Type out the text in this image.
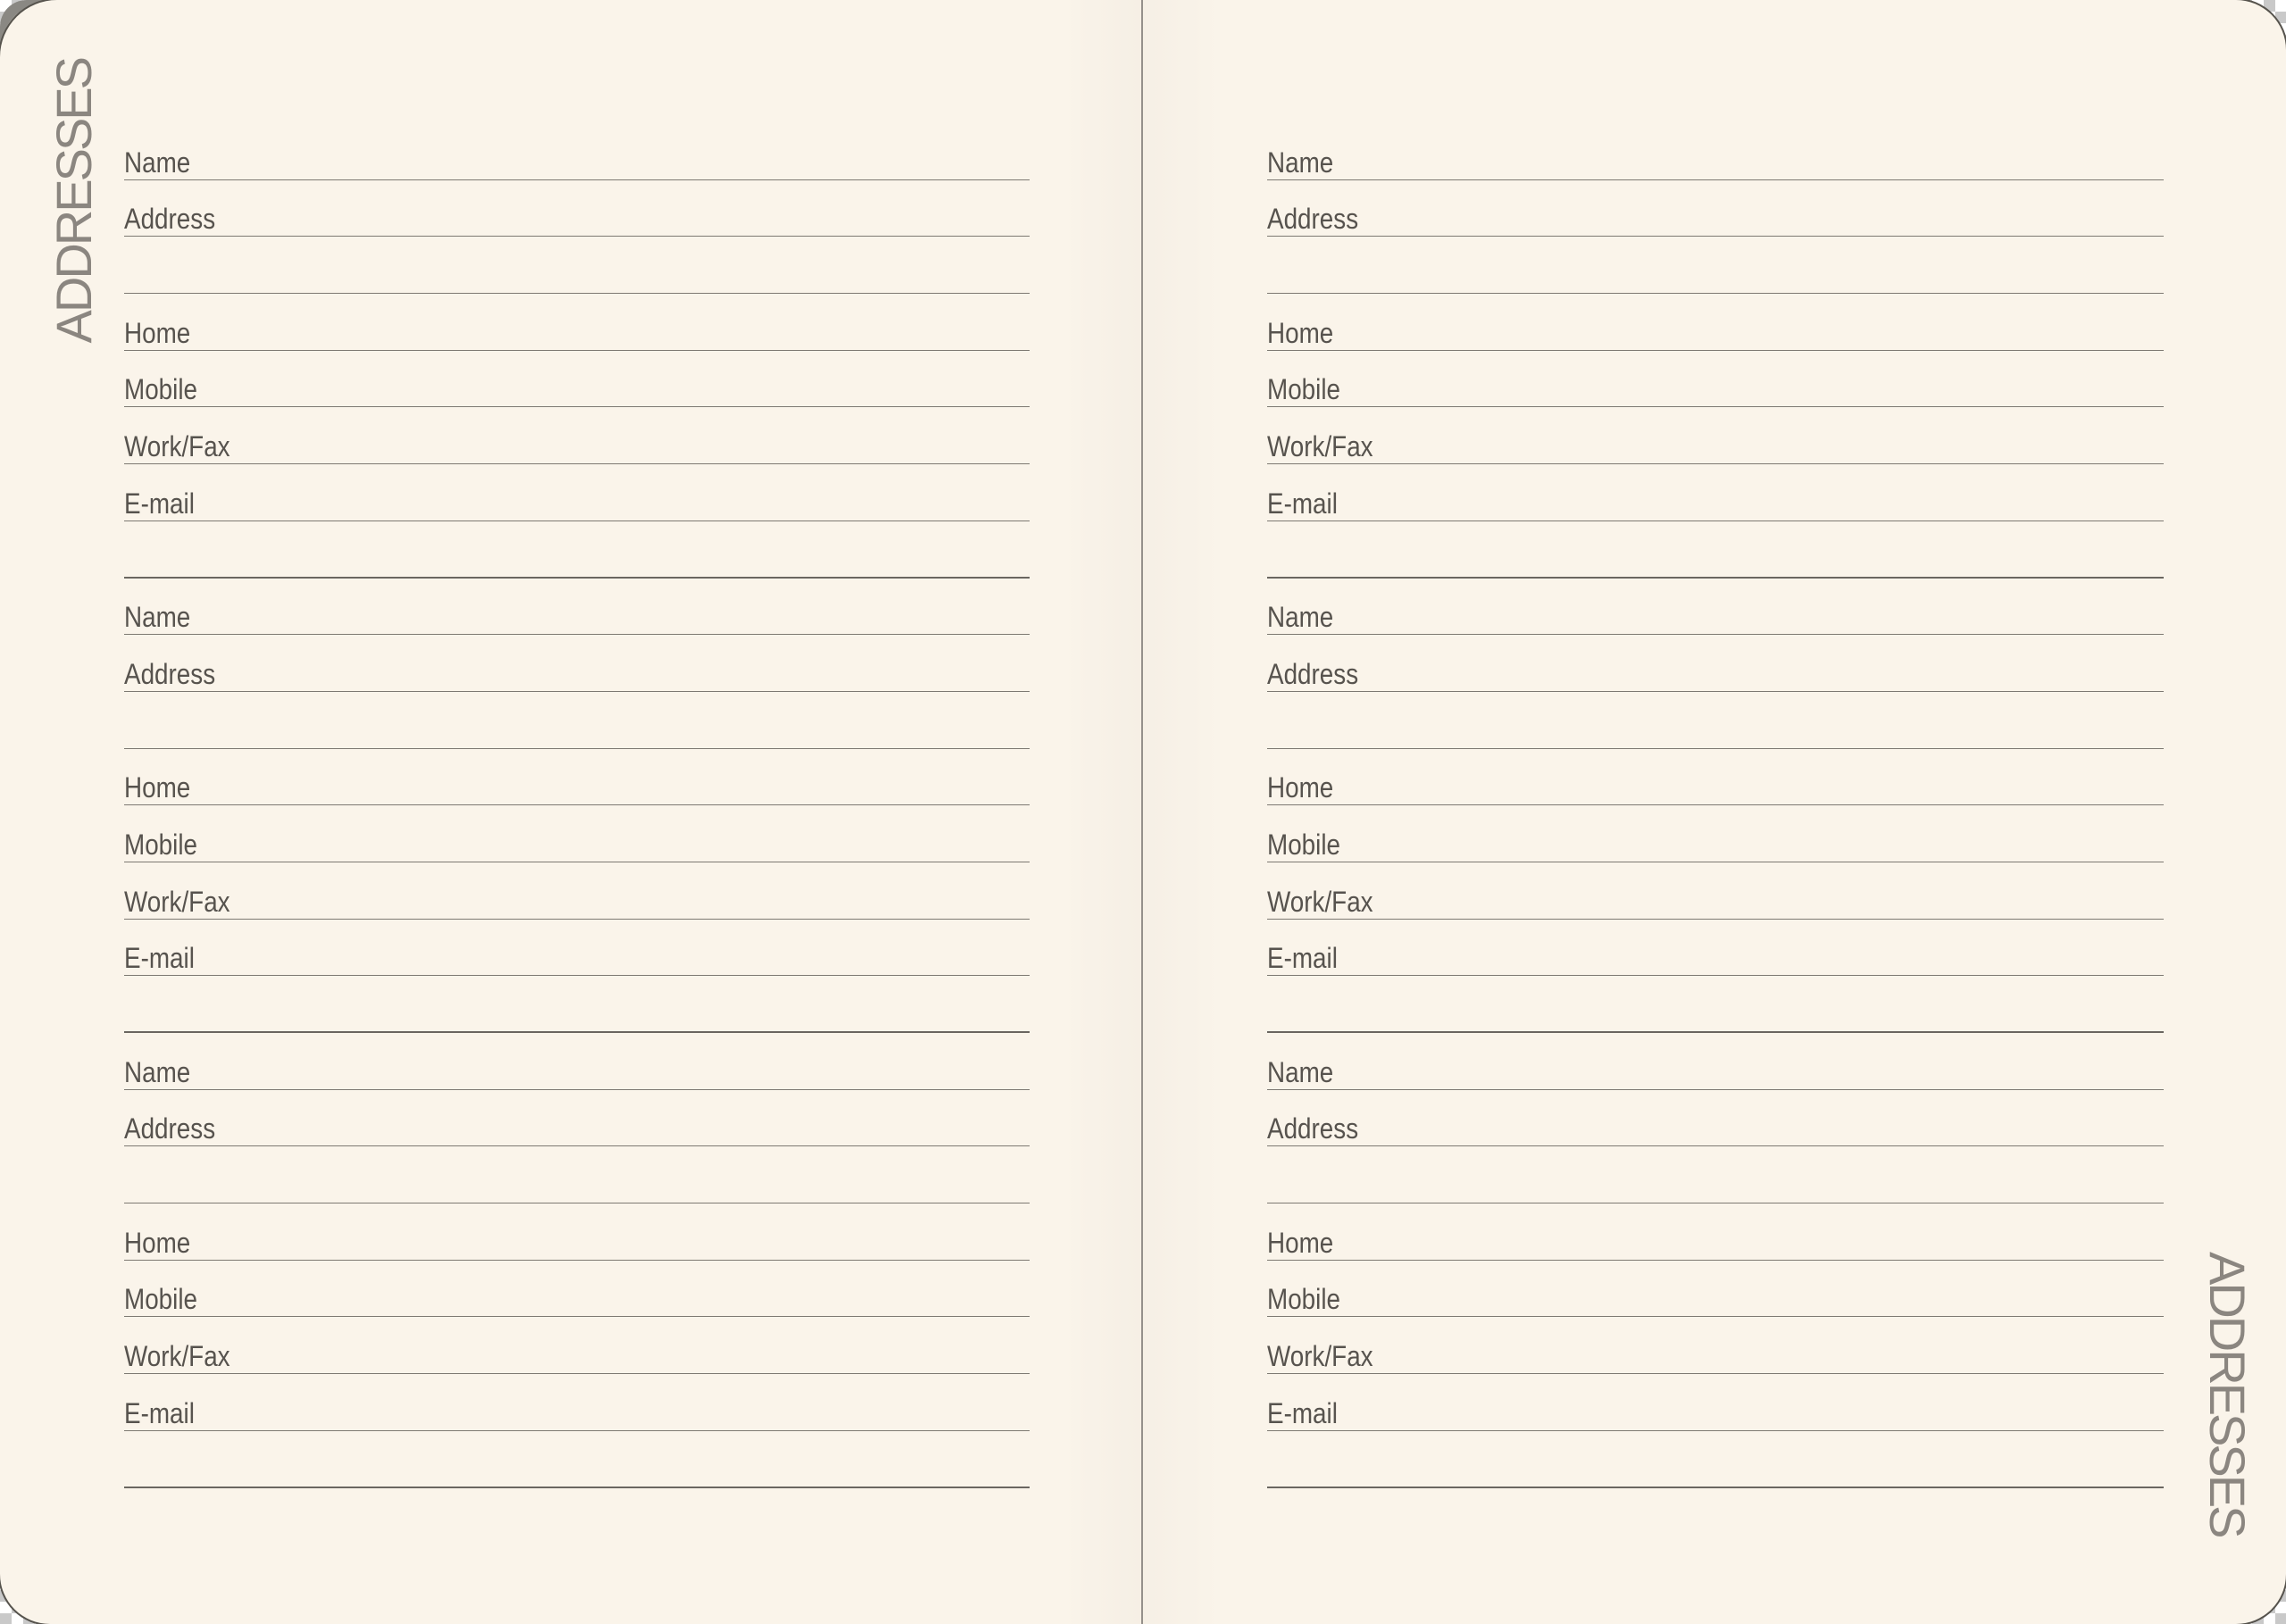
ADDRESSES
ADDRESSES
Name
Address
Home
Mobile
Work/Fax
E-mail
Name
Address
Home
Mobile
Work/Fax
E-mail
Name
Address
Home
Mobile
Work/Fax
E-mail
Name
Address
Home
Mobile
Work/Fax
E-mail
Name
Address
Home
Mobile
Work/Fax
E-mail
Name
Address
Home
Mobile
Work/Fax
E-mail
